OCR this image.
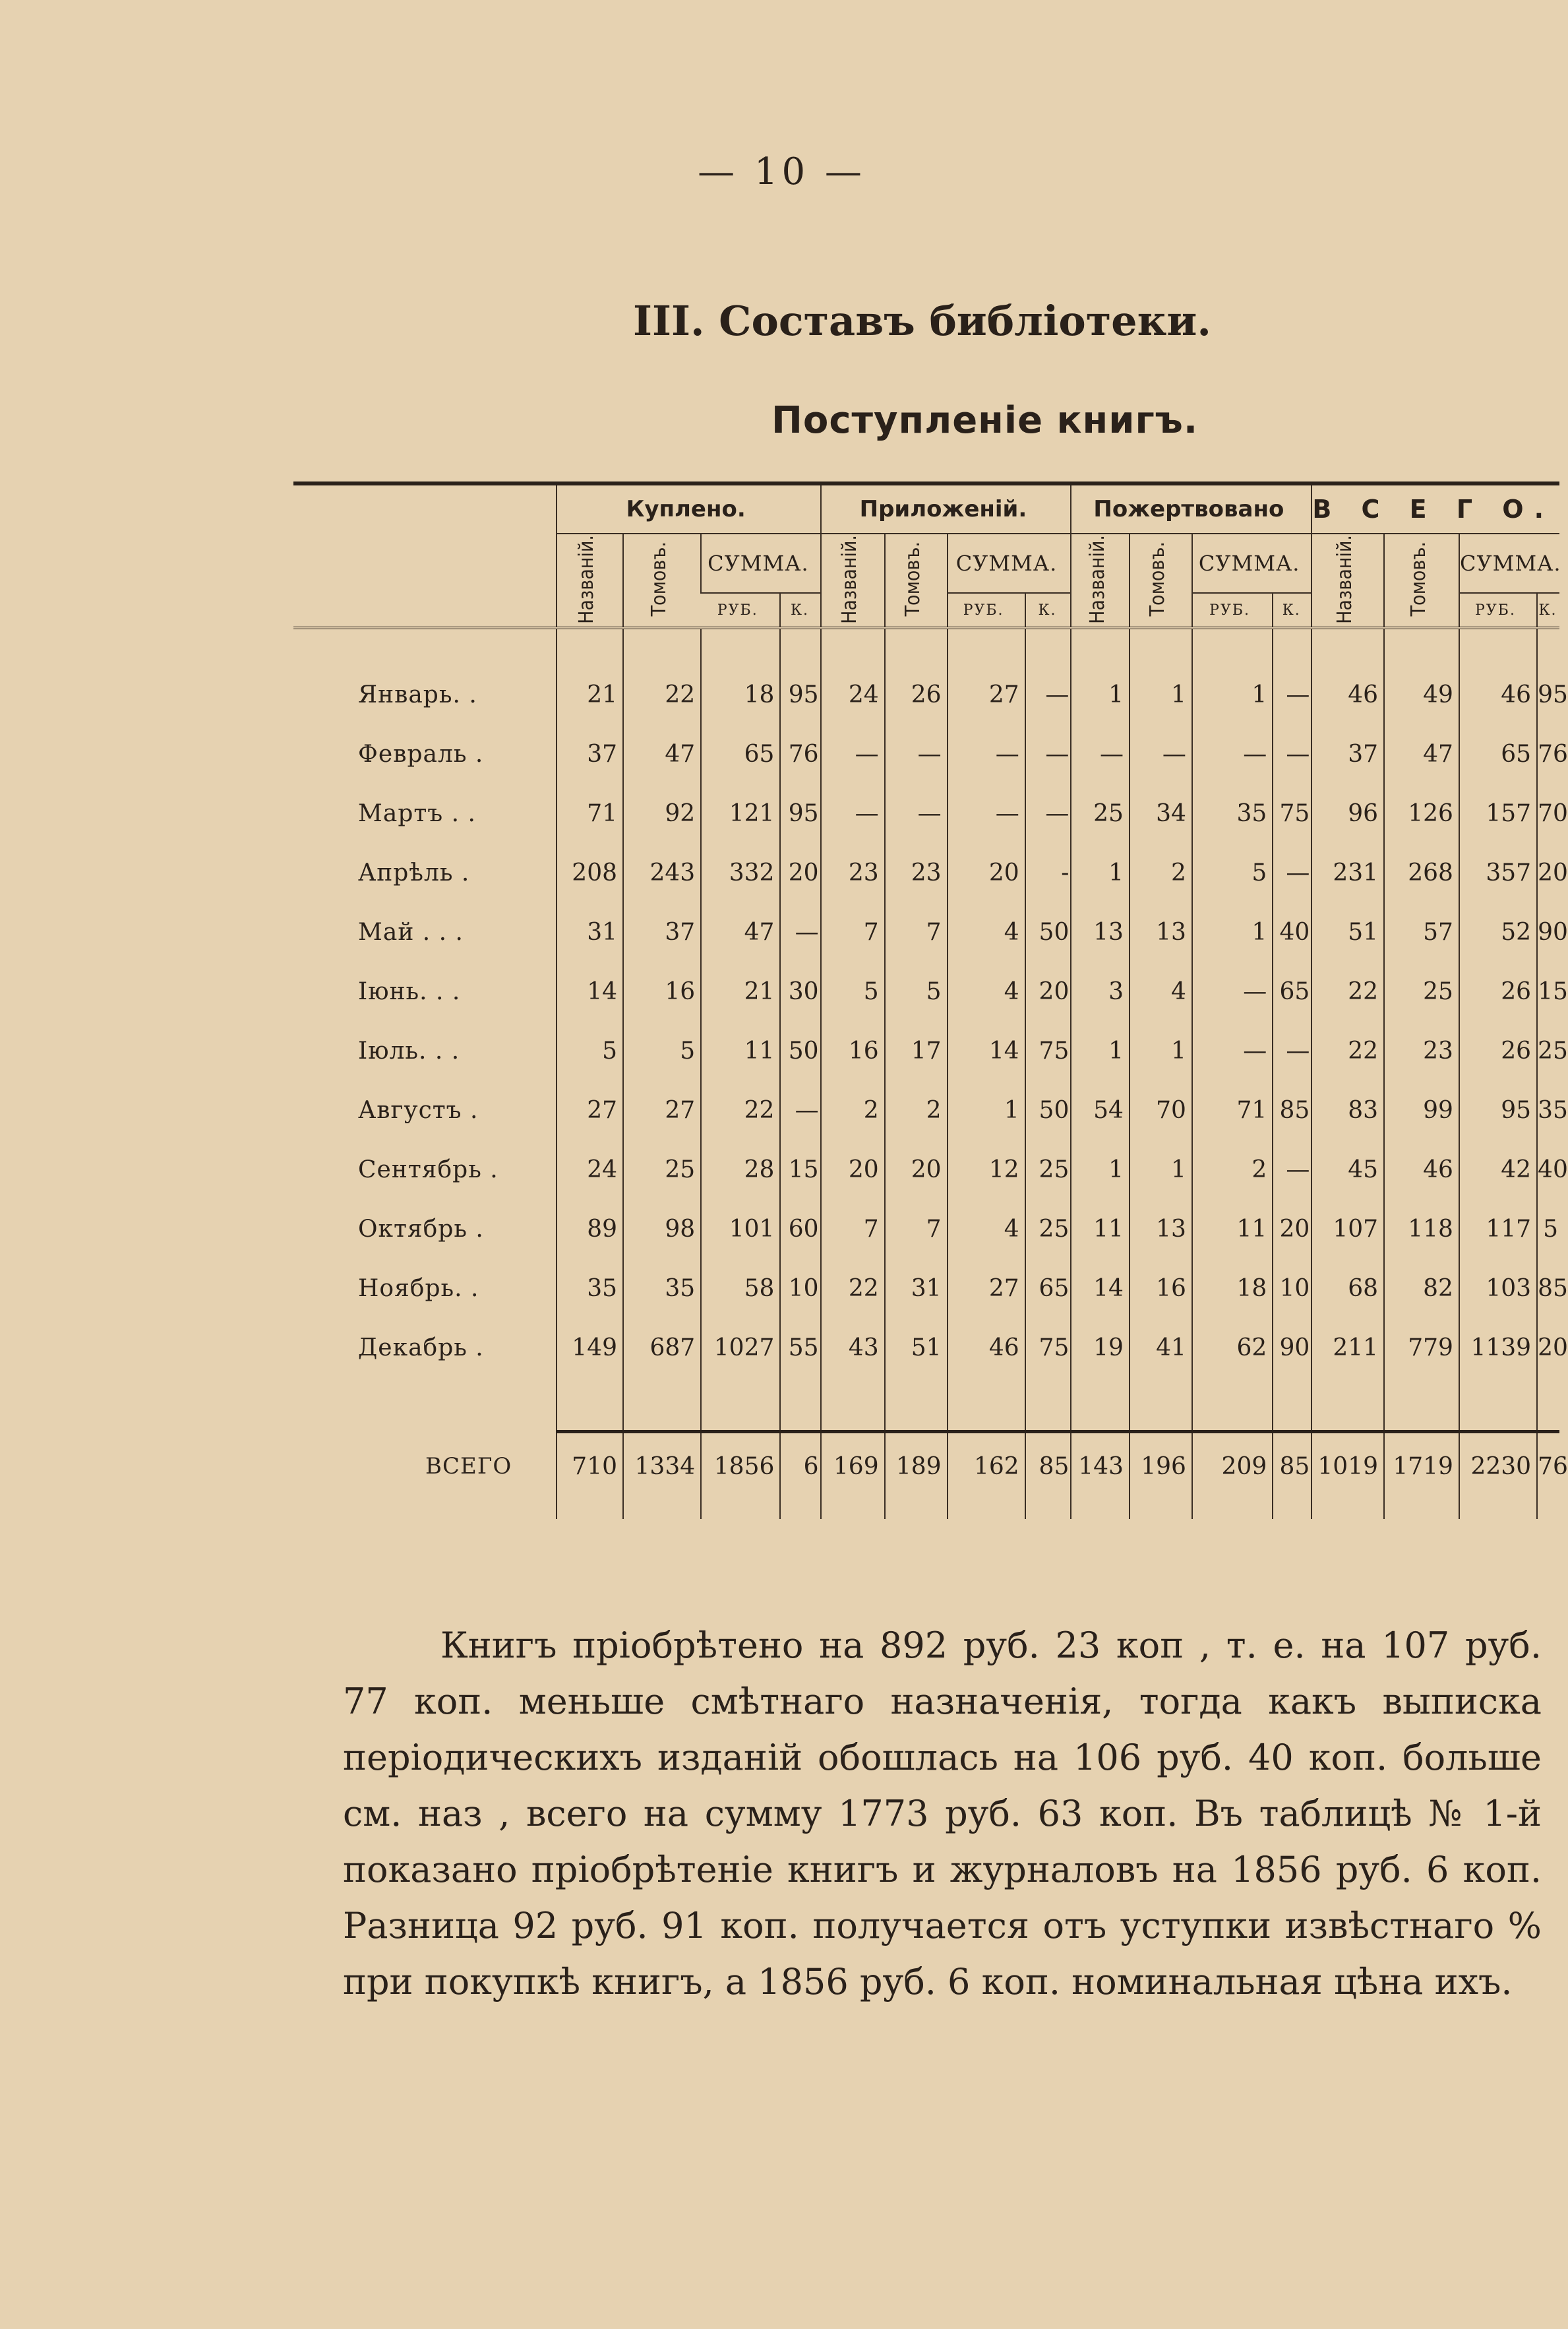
— 10 —
III. Составъ библіотеки.
Поступленіе книгъ.
	Куплено.				Приложеній.				Пожертвовано				В С Е Г О.			
	Названій.	Томовъ.	СУММА.		Названій.	Томовъ.	СУММА.		Названій.	Томовъ.	СУММА.		Названій.	Томовъ.	СУММА.	
			РУБ.	К.			РУБ.	К.			РУБ.	К.			РУБ.	К.

Январь. .	21	22	18	95	24	26	27	—	1	1	1	—	46	49	46	95
Февраль .	37	47	65	76	—	—	—	—	—	—	—	—	37	47	65	76
Мартъ . .	71	92	121	95	—	—	—	—	25	34	35	75	96	126	157	70
Апрѣль .	208	243	332	20	23	23	20	-	1	2	5	—	231	268	357	20
Май . . .	31	37	47	—	7	7	4	50	13	13	1	40	51	57	52	90
Іюнь. . .	14	16	21	30	5	5	4	20	3	4	—	65	22	25	26	15
Іюль. . .	5	5	11	50	16	17	14	75	1	1	—	—	22	23	26	25
Августъ .	27	27	22	—	2	2	1	50	54	70	71	85	83	99	95	35
Сентябрь .	24	25	28	15	20	20	12	25	1	1	2	—	45	46	42	40
Октябрь .	89	98	101	60	7	7	4	25	11	13	11	20	107	118	117	5
Ноябрь. .	35	35	58	10	22	31	27	65	14	16	18	10	68	82	103	85
Декабрь .	149	687	1027	55	43	51	46	75	19	41	62	90	211	779	1139	20

ВСЕГО	710	1334	1856	6	169	189	162	85	143	196	209	85	1019	1719	2230	76

Книгъ пріобрѣтено на 892 руб. 23 коп , т. е. на 107 руб. 77 коп. меньше смѣтнаго назначенія, тогда какъ выписка періодическихъ изданій обошлась на 106 руб. 40 коп. больше см. наз , всего на сумму 1773 руб. 63 коп. Въ таблицѣ № 1-й показано пріобрѣтеніе книгъ и журналовъ на 1856 руб. 6 коп. Разница 92 руб. 91 коп. получается отъ уступки извѣстнаго % при покупкѣ книгъ, а 1856 руб. 6 коп. номинальная цѣна ихъ.
